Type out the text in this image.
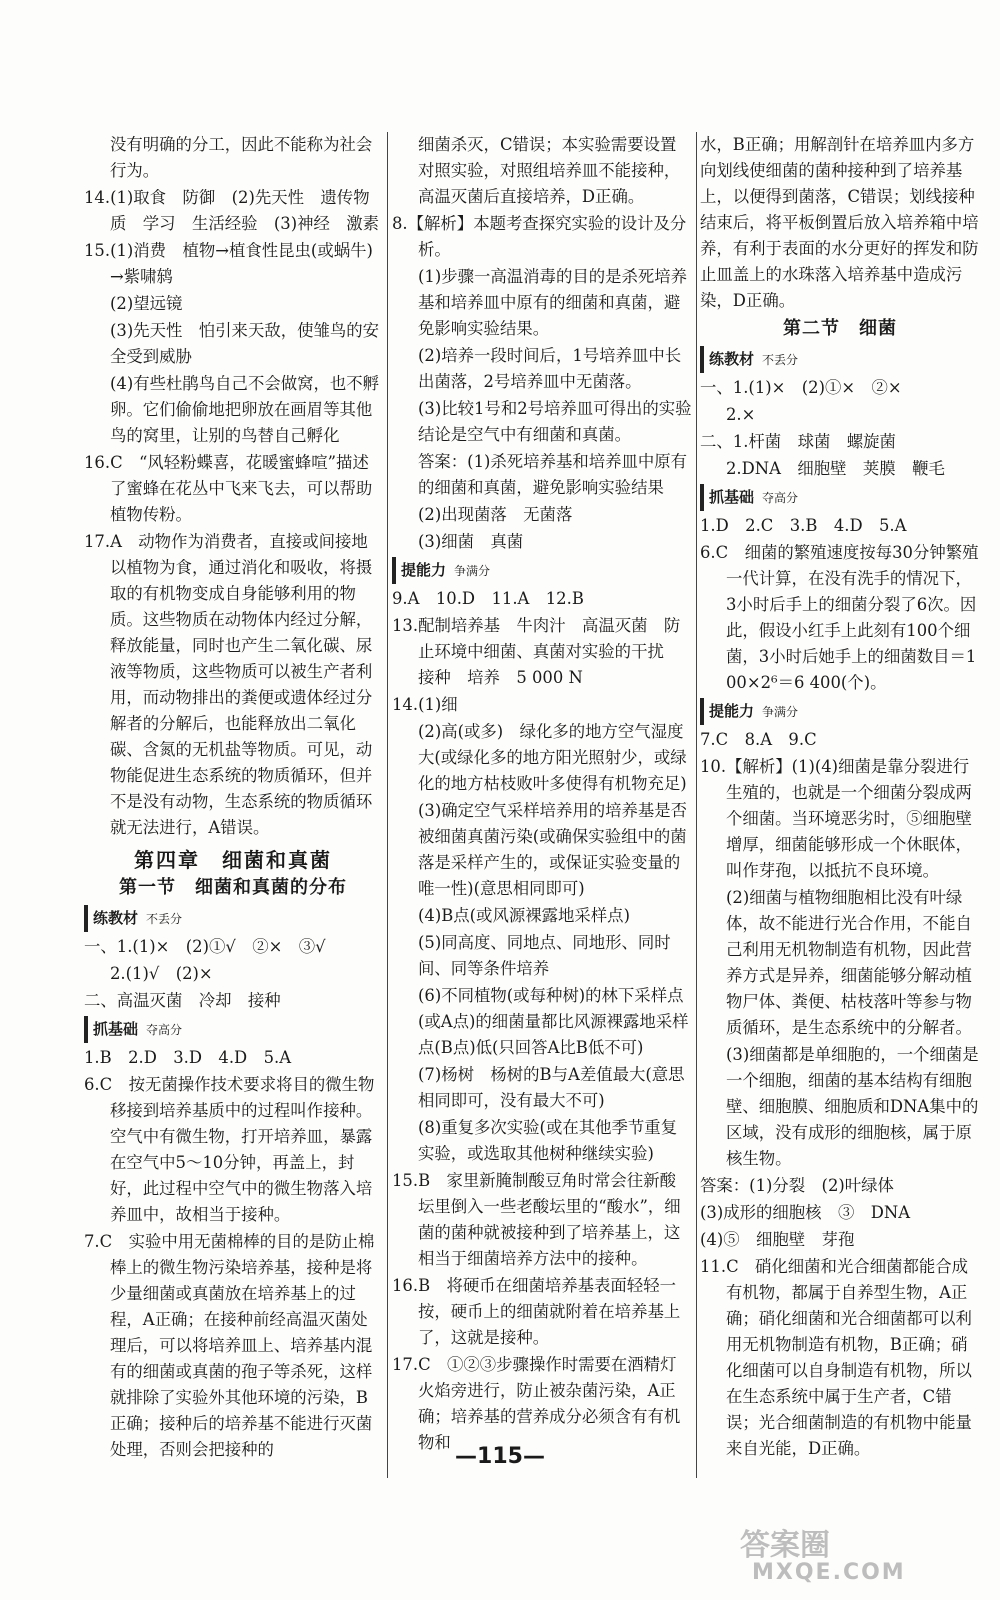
没有明确的分工，因此不能称为社会行为。
14.(1)取食　防御　(2)先天性　遗传物质　学习　生活经验　(3)神经　激素
15.(1)消费　植物→植食性昆虫(或蜗牛)→紫啸鸫
(2)望远镜
(3)先天性　怕引来天敌，使雏鸟的安全受到威胁
(4)有些杜鹃鸟自己不会做窝，也不孵卵。它们偷偷地把卵放在画眉等其他鸟的窝里，让别的鸟替自己孵化
16.C　“风轻粉蝶喜，花暖蜜蜂喧”描述了蜜蜂在花丛中飞来飞去，可以帮助植物传粉。
17.A　动物作为消费者，直接或间接地以植物为食，通过消化和吸收，将摄取的有机物变成自身能够利用的物质。这些物质在动物体内经过分解，释放能量，同时也产生二氧化碳、尿液等物质，这些物质可以被生产者利用，而动物排出的粪便或遗体经过分解者的分解后，也能释放出二氧化碳、含氮的无机盐等物质。可见，动物能促进生态系统的物质循环，但并不是没有动物，生态系统的物质循环就无法进行，A错误。
第四章　细菌和真菌
第一节　细菌和真菌的分布
练教材 不丢分
一、1.(1)×　(2)①√　②×　③√
2.(1)√　(2)×
二、高温灭菌　冷却　接种
抓基础 夺高分
1.B　2.D　3.D　4.D　5.A
6.C　按无菌操作技术要求将目的微生物移接到培养基质中的过程叫作接种。空气中有微生物，打开培养皿，暴露在空气中5～10分钟，再盖上，封好，此过程中空气中的微生物落入培养皿中，故相当于接种。
7.C　实验中用无菌棉棒的目的是防止棉棒上的微生物污染培养基，接种是将少量细菌或真菌放在培养基上的过程，A正确；在接种前经高温灭菌处理后，可以将培养皿上、培养基内混有的细菌或真菌的孢子等杀死，这样就排除了实验外其他环境的污染，B正确；接种后的培养基不能进行灭菌处理，否则会把接种的
细菌杀灭，C错误；本实验需要设置对照实验，对照组培养皿不能接种，高温灭菌后直接培养，D正确。
8.【解析】本题考查探究实验的设计及分析。
(1)步骤一高温消毒的目的是杀死培养基和培养皿中原有的细菌和真菌，避免影响实验结果。
(2)培养一段时间后，1号培养皿中长出菌落，2号培养皿中无菌落。
(3)比较1号和2号培养皿可得出的实验结论是空气中有细菌和真菌。
答案：(1)杀死培养基和培养皿中原有的细菌和真菌，避免影响实验结果
(2)出现菌落　无菌落
(3)细菌　真菌
提能力 争满分
9.A　10.D　11.A　12.B
13.配制培养基　牛肉汁　高温灭菌　防止环境中细菌、真菌对实验的干扰　接种　培养　5 000 N
14.(1)细
(2)高(或多)　绿化多的地方空气湿度大(或绿化多的地方阳光照射少，或绿化的地方枯枝败叶多使得有机物充足)
(3)确定空气采样培养用的培养基是否被细菌真菌污染(或确保实验组中的菌落是采样产生的，或保证实验变量的唯一性)(意思相同即可)
(4)B点(或风源裸露地采样点)
(5)同高度、同地点、同地形、同时间、同等条件培养
(6)不同植物(或每种树)的林下采样点(或A点)的细菌量都比风源裸露地采样点(B点)低(只回答A比B低不可)
(7)杨树　杨树的B与A差值最大(意思相同即可，没有最大不可)
(8)重复多次实验(或在其他季节重复实验，或选取其他树种继续实验)
15.B　家里新腌制酸豆角时常会往新酸坛里倒入一些老酸坛里的“酸水”，细菌的菌种就被接种到了培养基上，这相当于细菌培养方法中的接种。
16.B　将硬币在细菌培养基表面轻轻一按，硬币上的细菌就附着在培养基上了，这就是接种。
17.C　①②③步骤操作时需要在酒精灯火焰旁进行，防止被杂菌污染，A正确；培养基的营养成分必须含有有机物和
水，B正确；用解剖针在培养皿内多方向划线使细菌的菌种接种到了培养基上，以便得到菌落，C错误；划线接种结束后，将平板倒置后放入培养箱中培养，有利于表面的水分更好的挥发和防止皿盖上的水珠落入培养基中造成污染，D正确。
第二节　细菌
练教材 不丢分
一、1.(1)×　(2)①×　②×
2.×
二、1.杆菌　球菌　螺旋菌
2.DNA　细胞壁　荚膜　鞭毛
抓基础 夺高分
1.D　2.C　3.B　4.D　5.A
6.C　细菌的繁殖速度按每30分钟繁殖一代计算，在没有洗手的情况下，3小时后手上的细菌分裂了6次。因此，假设小红手上此刻有100个细菌，3小时后她手上的细菌数目＝100×2⁶＝6 400(个)。
提能力 争满分
7.C　8.A　9.C
10.【解析】(1)(4)细菌是靠分裂进行生殖的，也就是一个细菌分裂成两个细菌。当环境恶劣时，⑤细胞壁增厚，细菌能够形成一个休眠体，叫作芽孢，以抵抗不良环境。
(2)细菌与植物细胞相比没有叶绿体，故不能进行光合作用，不能自己利用无机物制造有机物，因此营养方式是异养，细菌能够分解动植物尸体、粪便、枯枝落叶等参与物质循环，是生态系统中的分解者。
(3)细菌都是单细胞的，一个细菌是一个细胞，细菌的基本结构有细胞壁、细胞膜、细胞质和DNA集中的区域，没有成形的细胞核，属于原核生物。
答案：(1)分裂　(2)叶绿体
(3)成形的细胞核　③　DNA
(4)⑤　细胞壁　芽孢
11.C　硝化细菌和光合细菌都能合成有机物，都属于自养型生物，A正确；硝化细菌和光合细菌都可以利用无机物制造有机物，B正确；硝化细菌可以自身制造有机物，所以在生态系统中属于生产者，C错误；光合细菌制造的有机物中能量来自光能，D正确。
—115—
答案圈
MXQE.COM
